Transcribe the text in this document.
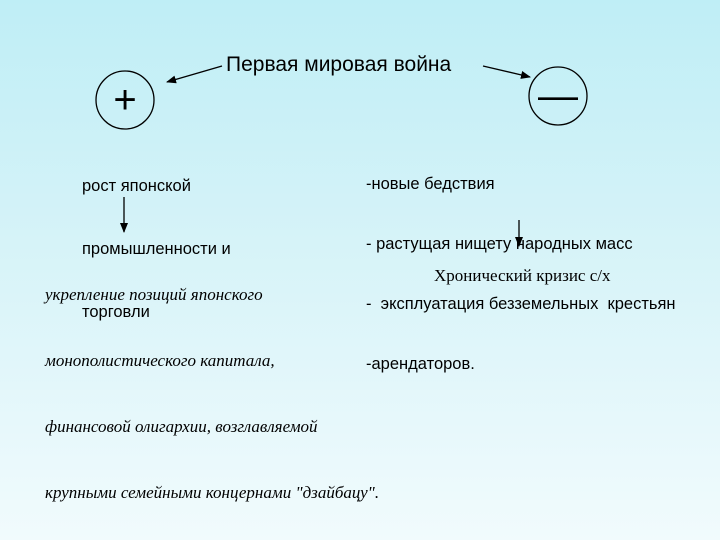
Первая мировая война
+	—

рост японской

промышленности и

торговли

-новые бедствия

- растущая нищету народных масс

-  эксплуатация безземельных  крестьян

-арендаторов.

укрепление позиций японского

монополистического капитала,

финансовой олигархии, возглавляемой

крупными семейными концернами "дзайбацу".

Хронический кризис с/х
